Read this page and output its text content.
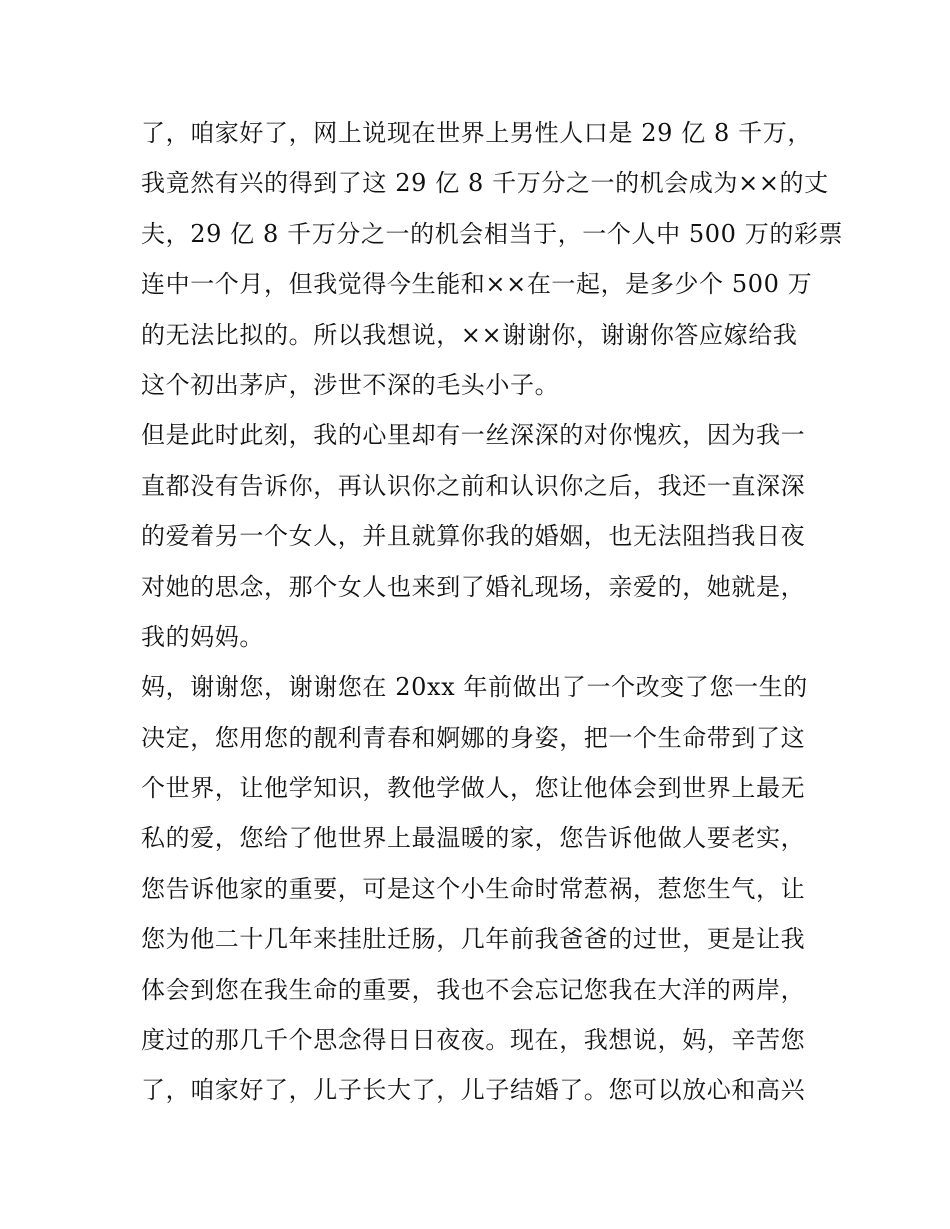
了，咱家好了，网上说现在世界上男性人口是 29 亿 8 千万，
我竟然有兴的得到了这 29 亿 8 千万分之一的机会成为××的丈
夫，29 亿 8 千万分之一的机会相当于，一个人中 500 万的彩票
连中一个月，但我觉得今生能和××在一起，是多少个 500 万
的无法比拟的。所以我想说，××谢谢你，谢谢你答应嫁给我
这个初出茅庐，涉世不深的毛头小子。
但是此时此刻，我的心里却有一丝深深的对你愧疚，因为我一
直都没有告诉你，再认识你之前和认识你之后，我还一直深深
的爱着另一个女人，并且就算你我的婚姻，也无法阻挡我日夜
对她的思念，那个女人也来到了婚礼现场，亲爱的，她就是，
我的妈妈。
妈，谢谢您，谢谢您在 20xx 年前做出了一个改变了您一生的
决定，您用您的靓利青春和婀娜的身姿，把一个生命带到了这
个世界，让他学知识，教他学做人，您让他体会到世界上最无
私的爱，您给了他世界上最温暖的家，您告诉他做人要老实，
您告诉他家的重要，可是这个小生命时常惹祸，惹您生气，让
您为他二十几年来挂肚迁肠，几年前我爸爸的过世，更是让我
体会到您在我生命的重要，我也不会忘记您我在大洋的两岸，
度过的那几千个思念得日日夜夜。现在，我想说，妈，辛苦您
了，咱家好了，儿子长大了，儿子结婚了。您可以放心和高兴
